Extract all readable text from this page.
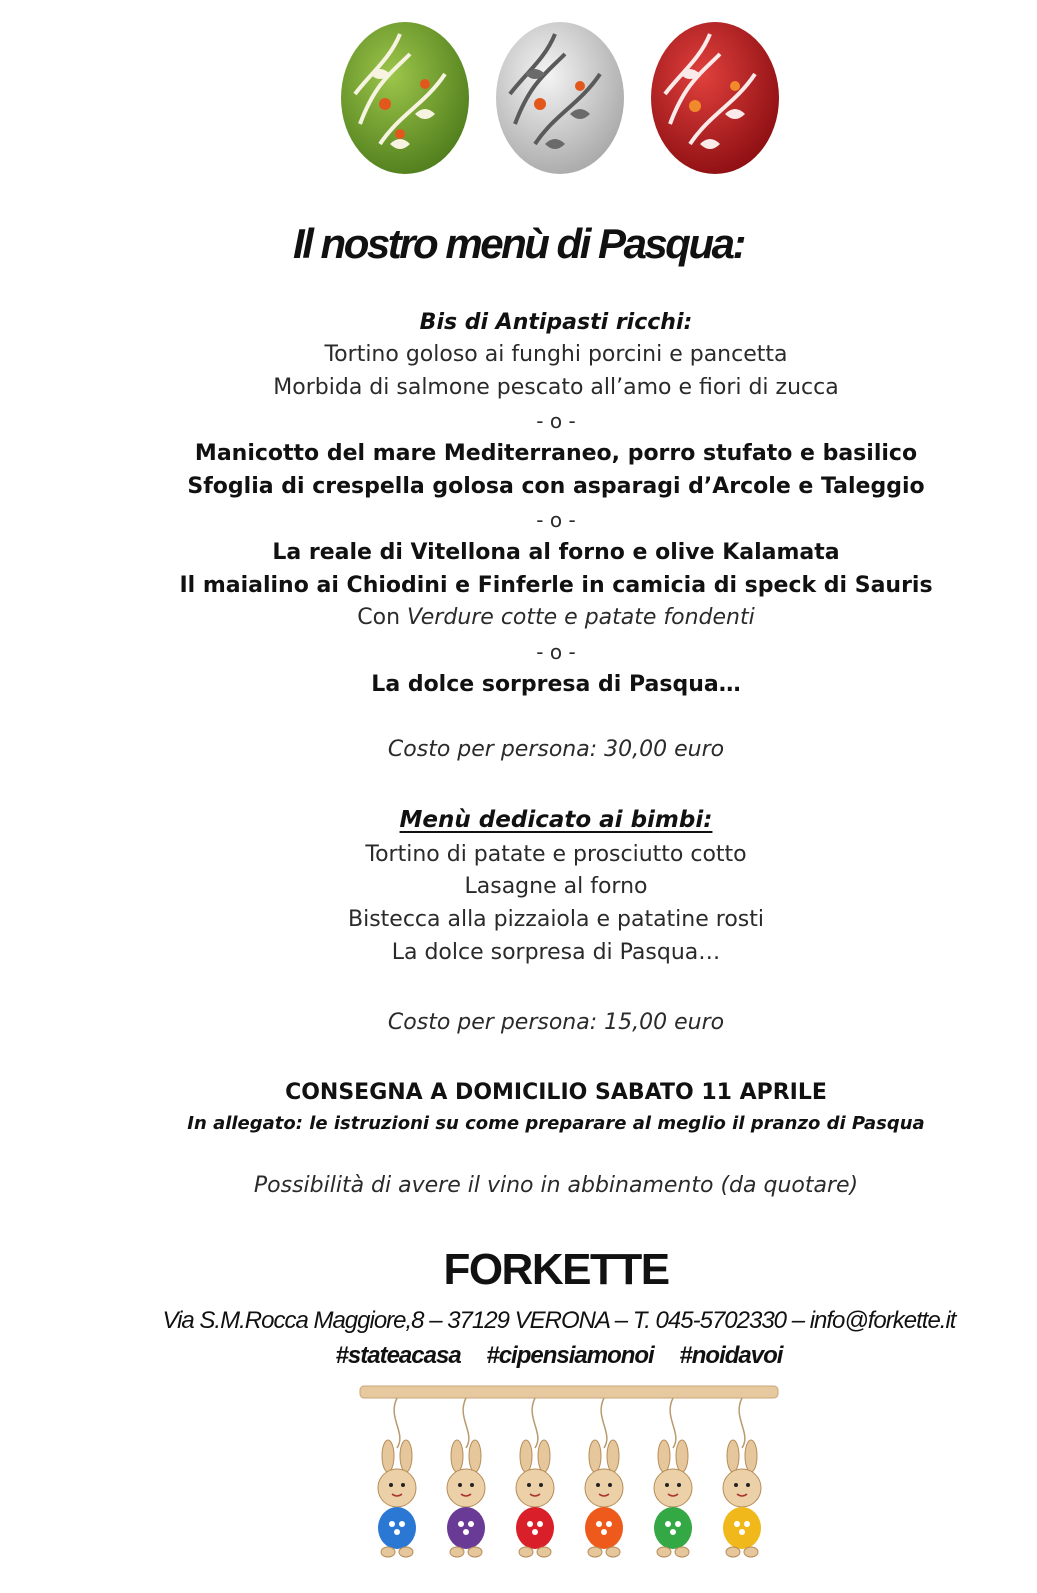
Il nostro menù di Pasqua:
Bis di Antipasti ricchi:
Tortino goloso ai funghi porcini e pancetta
Morbida di salmone pescato all’amo e fiori di zucca
- o -
Manicotto del mare Mediterraneo, porro stufato e basilico
Sfoglia di crespella golosa con asparagi d’Arcole e Taleggio
- o -
La reale di Vitellona al forno e olive Kalamata
Il maialino ai Chiodini e Finferle in camicia di speck di Sauris
Con Verdure cotte e patate fondenti
- o -
La dolce sorpresa di Pasqua…
Costo per persona: 30,00 euro
Menù dedicato ai bimbi:
Tortino di patate e prosciutto cotto
Lasagne al forno
Bistecca alla pizzaiola e patatine rosti
La dolce sorpresa di Pasqua…
Costo per persona: 15,00 euro
CONSEGNA A DOMICILIO SABATO 11 APRILE
In allegato: le istruzioni su come preparare al meglio il pranzo di Pasqua
Possibilità di avere il vino in abbinamento (da quotare)
FORKETTE
Via S.M.Rocca Maggiore,8 – 37129 VERONA – T. 045-5702330 – info@forkette.it
#stateacasa #cipensiamonoi #noidavoi
